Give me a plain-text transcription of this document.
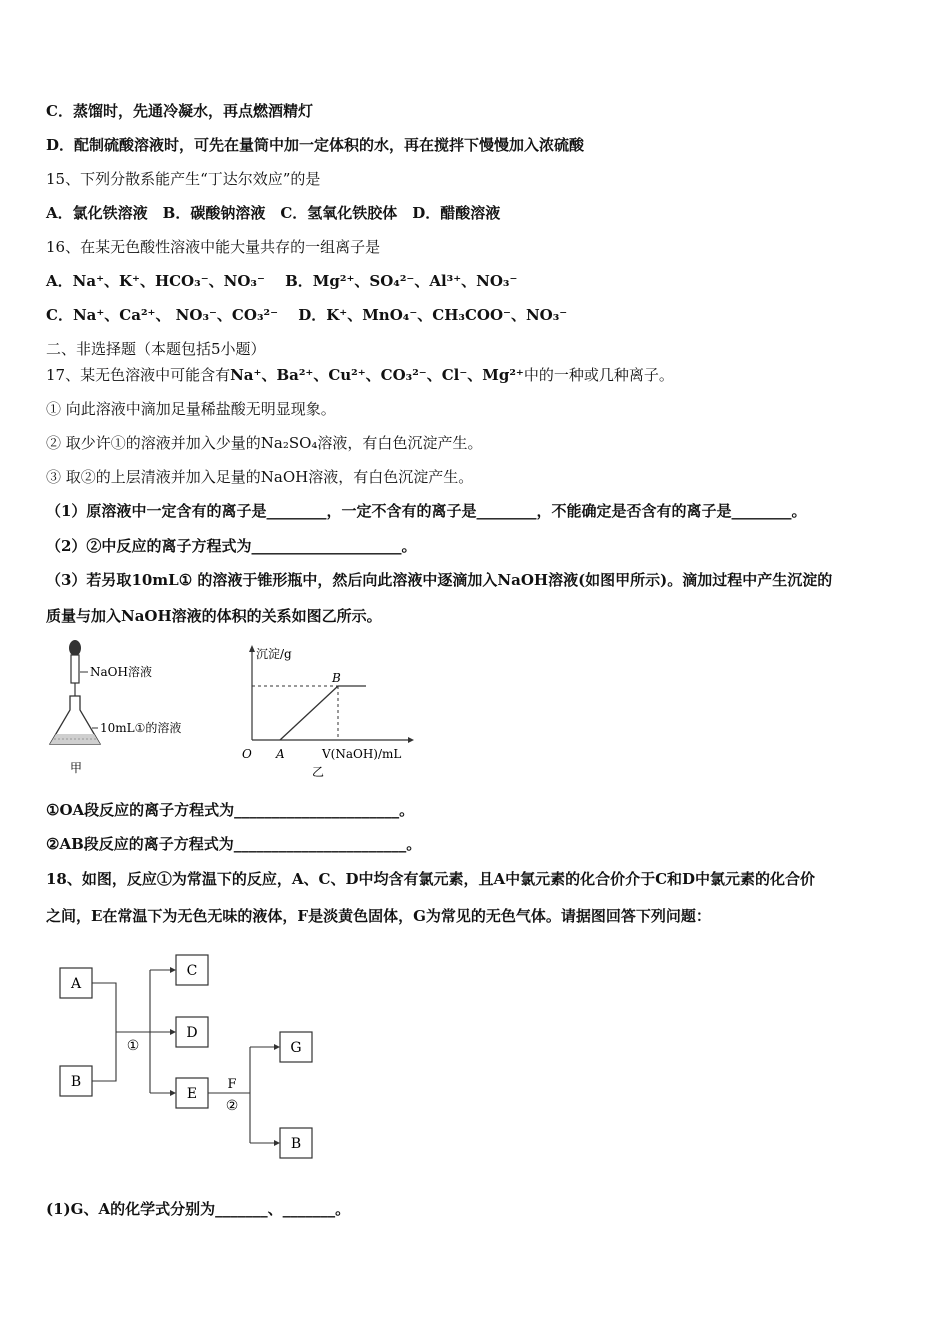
C．蒸馏时，先通冷凝水，再点燃酒精灯
D．配制硫酸溶液时，可先在量筒中加一定体积的水，再在搅拌下慢慢加入浓硫酸
15、下列分散系能产生“丁达尔效应”的是
A．氯化铁溶液　B．碳酸钠溶液　C．氢氧化铁胶体　D．醋酸溶液
16、在某无色酸性溶液中能大量共存的一组离子是
A．Na⁺、K⁺、HCO₃⁻、NO₃⁻　 B．Mg²⁺、SO₄²⁻、Al³⁺、NO₃⁻
C．Na⁺、Ca²⁺、 NO₃⁻、CO₃²⁻　 D．K⁺、MnO₄⁻、CH₃COO⁻、NO₃⁻
二、非选择题（本题包括5小题）
17、某无色溶液中可能含有Na⁺、Ba²⁺、Cu²⁺、CO₃²⁻、Cl⁻、Mg²⁺中的一种或几种离子。
① 向此溶液中滴加足量稀盐酸无明显现象。
② 取少许①的溶液并加入少量的Na₂SO₄溶液，有白色沉淀产生。
③ 取②的上层清液并加入足量的NaOH溶液，有白色沉淀产生。
（1）原溶液中一定含有的离子是________，一定不含有的离子是________，不能确定是否含有的离子是________。
（2）②中反应的离子方程式为____________________。
（3）若另取10mL① 的溶液于锥形瓶中，然后向此溶液中逐滴加入NaOH溶液(如图甲所示)。滴加过程中产生沉淀的
质量与加入NaOH溶液的体积的关系如图乙所示。
NaOH溶液
10mL①的溶液
甲
沉淀/g
B
O A	V(NaOH)/mL
乙
①OA段反应的离子方程式为______________________。
②AB段反应的离子方程式为_______________________。
18、如图，反应①为常温下的反应，A、C、D中均含有氯元素，且A中氯元素的化合价介于C和D中氯元素的化合价
之间，E在常温下为无色无味的液体，F是淡黄色固体，G为常见的无色气体。请据图回答下列问题：
A
B
C
D
E
G
B
①
F
②
(1)G、A的化学式分别为_______、_______。
